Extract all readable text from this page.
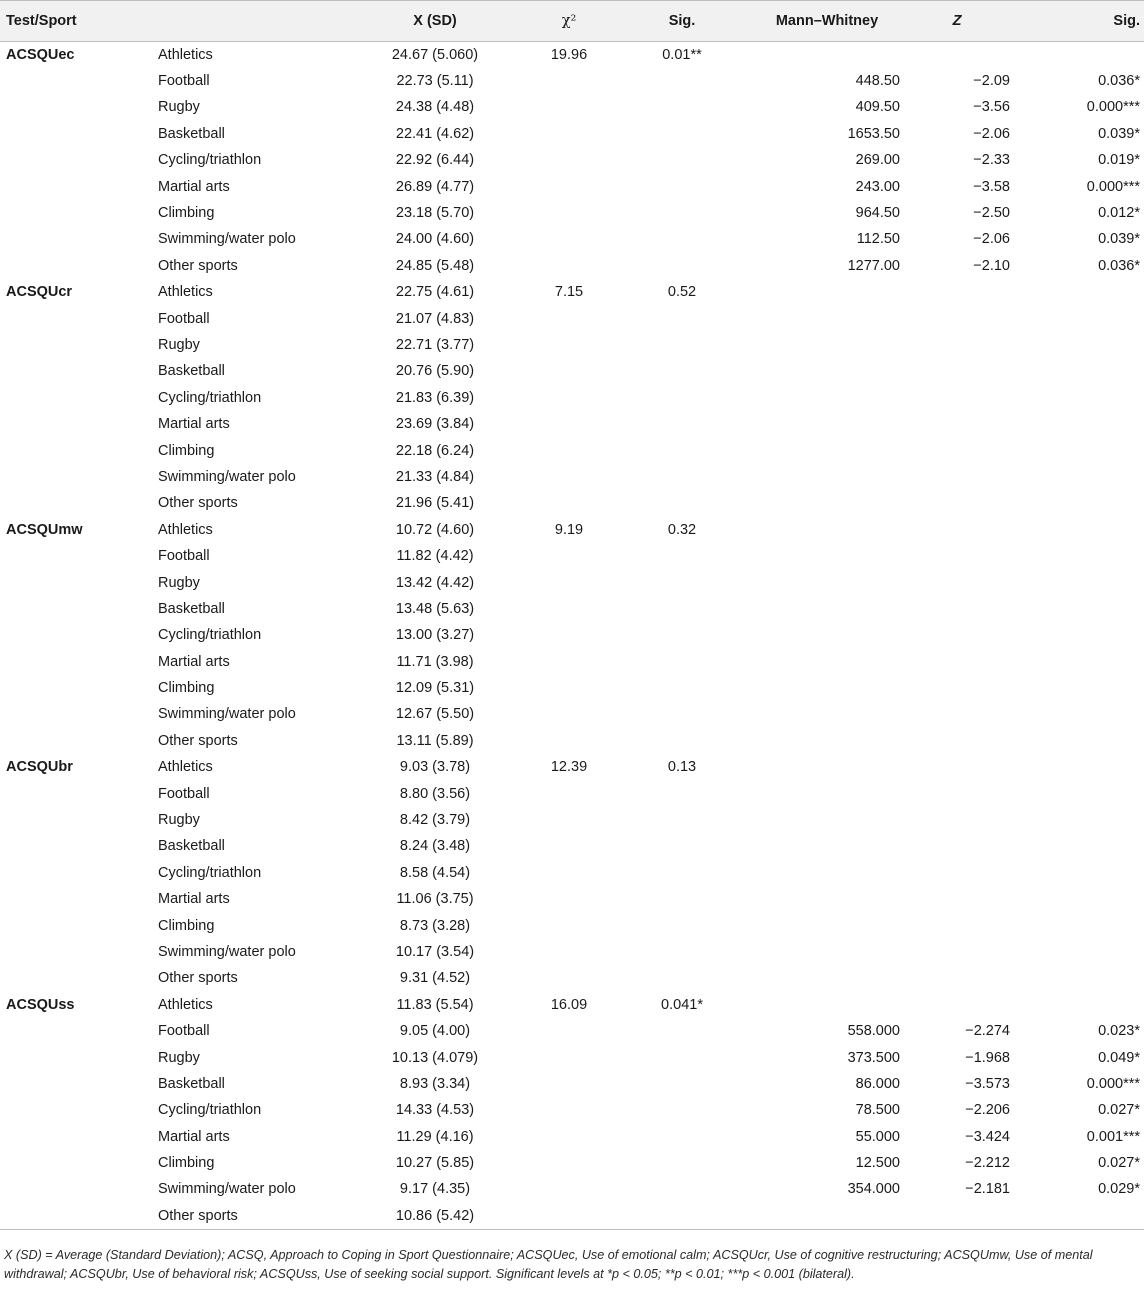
Test/Sport		X (SD)	χ²	Sig.	Mann–Whitney	Z	Sig.
ACSQUec	Athletics	24.67 (5.060)	19.96	0.01**			
	Football	22.73 (5.11)			448.50	−2.09	0.036*
	Rugby	24.38 (4.48)			409.50	−3.56	0.000***
	Basketball	22.41 (4.62)			1653.50	−2.06	0.039*
	Cycling/triathlon	22.92 (6.44)			269.00	−2.33	0.019*
	Martial arts	26.89 (4.77)			243.00	−3.58	0.000***
	Climbing	23.18 (5.70)			964.50	−2.50	0.012*
	Swimming/water polo	24.00 (4.60)			112.50	−2.06	0.039*
	Other sports	24.85 (5.48)			1277.00	−2.10	0.036*
ACSQUcr	Athletics	22.75 (4.61)	7.15	0.52			
	Football	21.07 (4.83)					
	Rugby	22.71 (3.77)					
	Basketball	20.76 (5.90)					
	Cycling/triathlon	21.83 (6.39)					
	Martial arts	23.69 (3.84)					
	Climbing	22.18 (6.24)					
	Swimming/water polo	21.33 (4.84)					
	Other sports	21.96 (5.41)					
ACSQUmw	Athletics	10.72 (4.60)	9.19	0.32			
	Football	11.82 (4.42)					
	Rugby	13.42 (4.42)					
	Basketball	13.48 (5.63)					
	Cycling/triathlon	13.00 (3.27)					
	Martial arts	11.71 (3.98)					
	Climbing	12.09 (5.31)					
	Swimming/water polo	12.67 (5.50)					
	Other sports	13.11 (5.89)					
ACSQUbr	Athletics	9.03 (3.78)	12.39	0.13			
	Football	8.80 (3.56)					
	Rugby	8.42 (3.79)					
	Basketball	8.24 (3.48)					
	Cycling/triathlon	8.58 (4.54)					
	Martial arts	11.06 (3.75)					
	Climbing	8.73 (3.28)					
	Swimming/water polo	10.17 (3.54)					
	Other sports	9.31 (4.52)					
ACSQUss	Athletics	11.83 (5.54)	16.09	0.041*			
	Football	9.05 (4.00)			558.000	−2.274	0.023*
	Rugby	10.13 (4.079)			373.500	−1.968	0.049*
	Basketball	8.93 (3.34)			86.000	−3.573	0.000***
	Cycling/triathlon	14.33 (4.53)			78.500	−2.206	0.027*
	Martial arts	11.29 (4.16)			55.000	−3.424	0.001***
	Climbing	10.27 (5.85)			12.500	−2.212	0.027*
	Swimming/water polo	9.17 (4.35)			354.000	−2.181	0.029*
	Other sports	10.86 (5.42)					
X (SD) = Average (Standard Deviation); ACSQ, Approach to Coping in Sport Questionnaire; ACSQUec, Use of emotional calm; ACSQUcr, Use of cognitive restructuring; ACSQUmw, Use of mental withdrawal; ACSQUbr, Use of behavioral risk; ACSQUss, Use of seeking social support. Significant levels at *p < 0.05; **p < 0.01; ***p < 0.001 (bilateral).
